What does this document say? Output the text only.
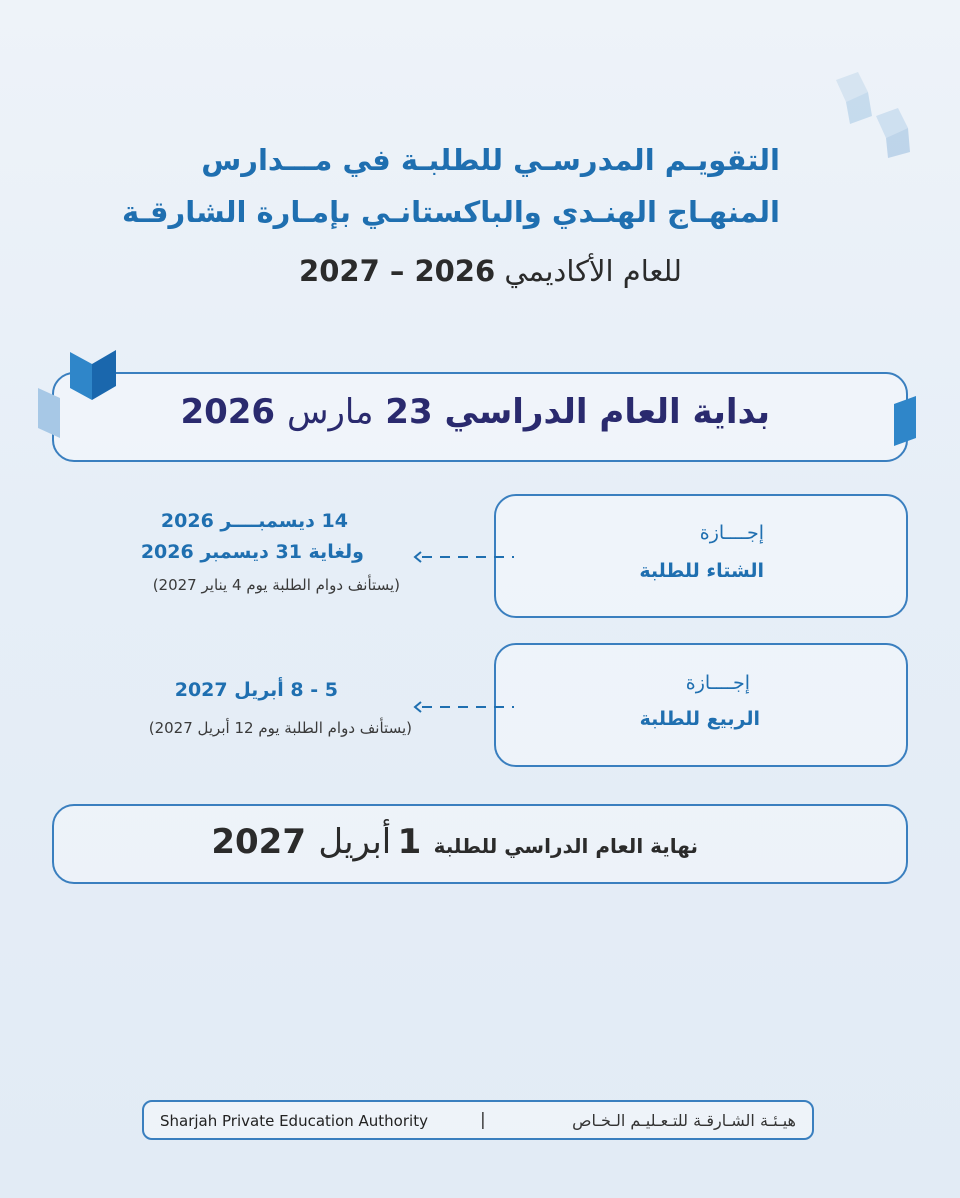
التقويـم المدرسـي للطلبـة في مـــدارس
المنهـاج الهنـدي والباكستانـي بإمـارة الشارقـة
للعام الأكاديمي 2026 – 2027
بداية العام الدراسي 23 مارس 2026
إجــــازة
الشتاء للطلبة
14 ديسمبــــر 2026
ولغاية 31 ديسمبر 2026
(يستأنف دوام الطلبة يوم 4 يناير 2027)
إجــــازة
الربيع للطلبة
5 - 8 أبريل 2027
(يستأنف دوام الطلبة يوم 12 أبريل 2027)
نهاية العام الدراسي للطلبة 1 أبريل 2027
Sharjah Private Education Authority	|	هيـئـة الشـارقـة للتـعـليـم الـخـاص
